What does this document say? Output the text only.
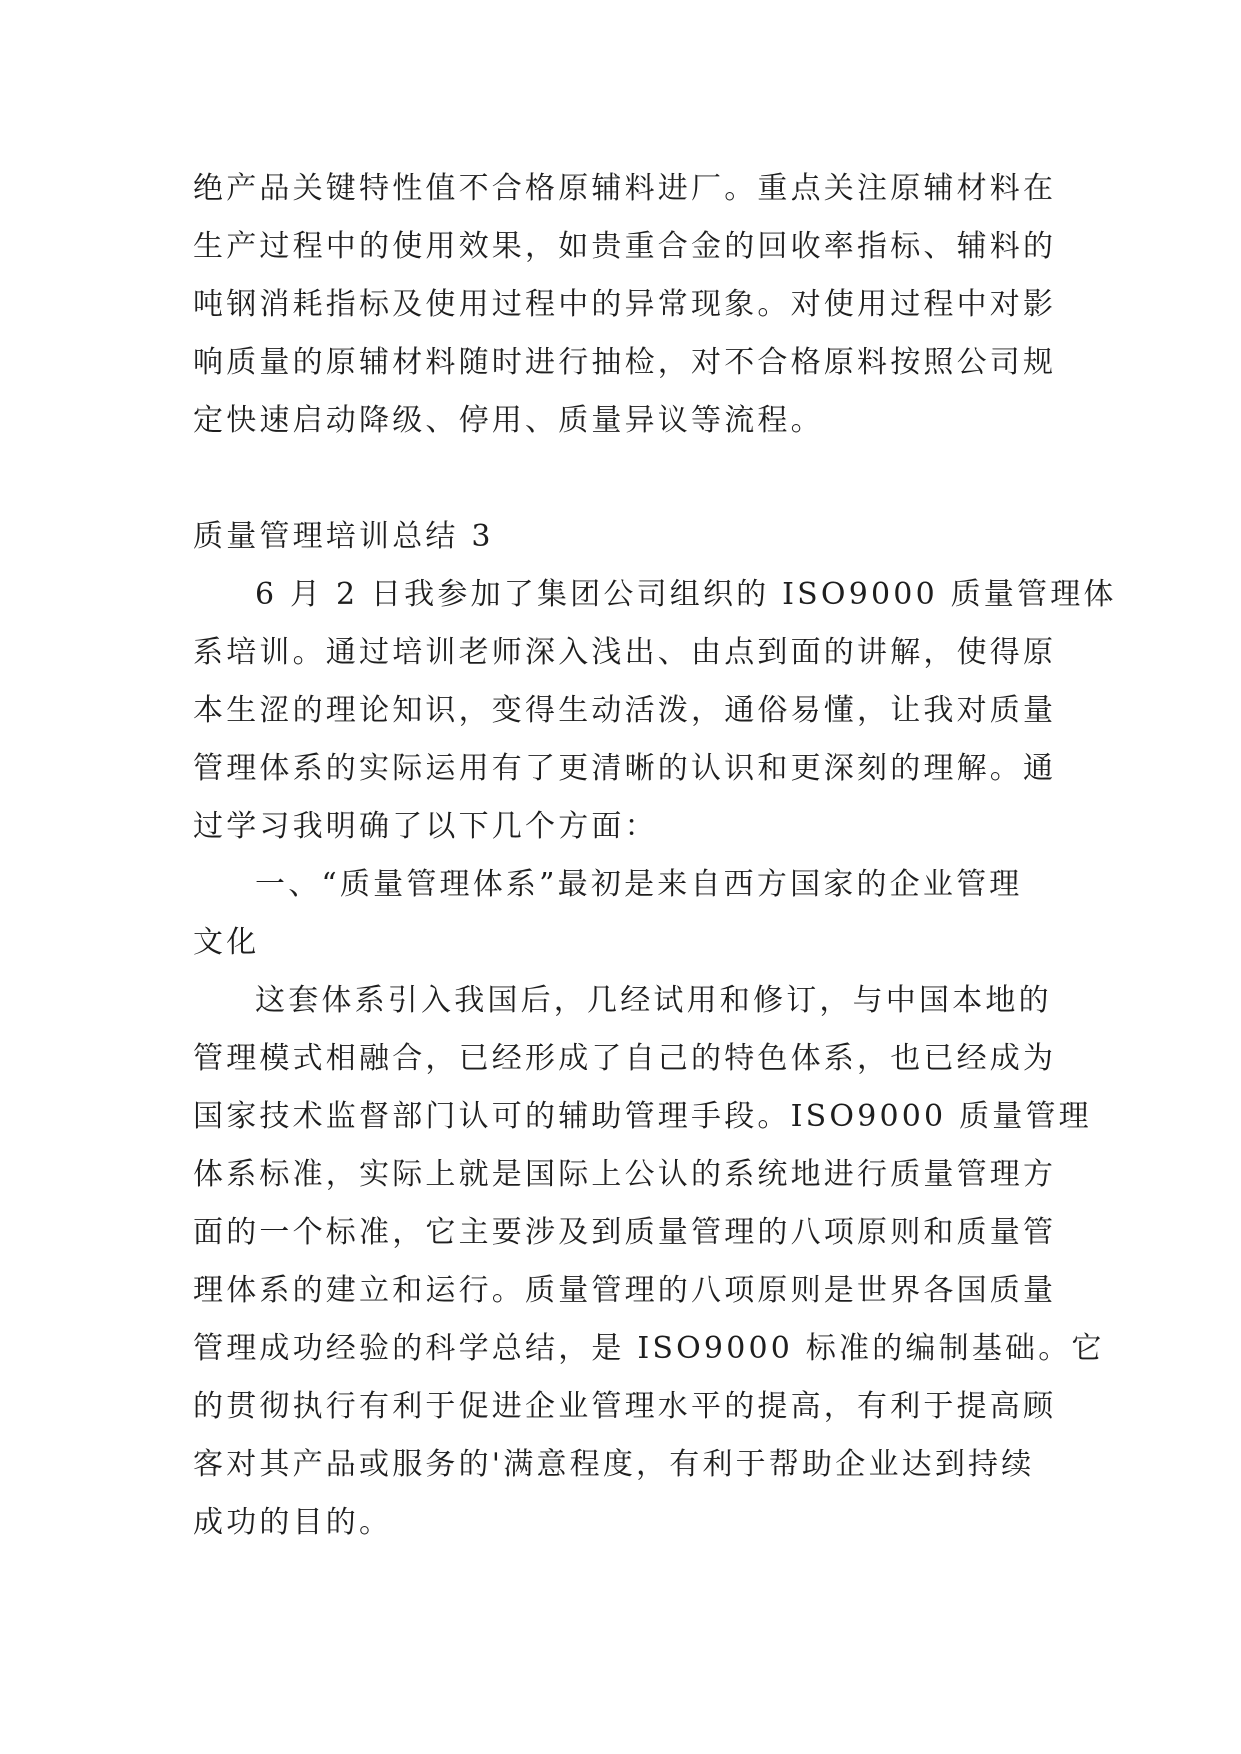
绝产品关键特性值不合格原辅料进厂。重点关注原辅材料在
生产过程中的使用效果，如贵重合金的回收率指标、辅料的
吨钢消耗指标及使用过程中的异常现象。对使用过程中对影
响质量的原辅材料随时进行抽检，对不合格原料按照公司规
定快速启动降级、停用、质量异议等流程。
质量管理培训总结 3
6 月 2 日我参加了集团公司组织的 ISO9000 质量管理体
系培训。通过培训老师深入浅出、由点到面的讲解，使得原
本生涩的理论知识，变得生动活泼，通俗易懂，让我对质量
管理体系的实际运用有了更清晰的认识和更深刻的理解。通
过学习我明确了以下几个方面：
一、“质量管理体系”最初是来自西方国家的企业管理
文化
这套体系引入我国后，几经试用和修订，与中国本地的
管理模式相融合，已经形成了自己的特色体系，也已经成为
国家技术监督部门认可的辅助管理手段。ISO9000 质量管理
体系标准，实际上就是国际上公认的系统地进行质量管理方
面的一个标准，它主要涉及到质量管理的八项原则和质量管
理体系的建立和运行。质量管理的八项原则是世界各国质量
管理成功经验的科学总结，是 ISO9000 标准的编制基础。它
的贯彻执行有利于促进企业管理水平的提高，有利于提高顾
客对其产品或服务的'满意程度，有利于帮助企业达到持续
成功的目的。
